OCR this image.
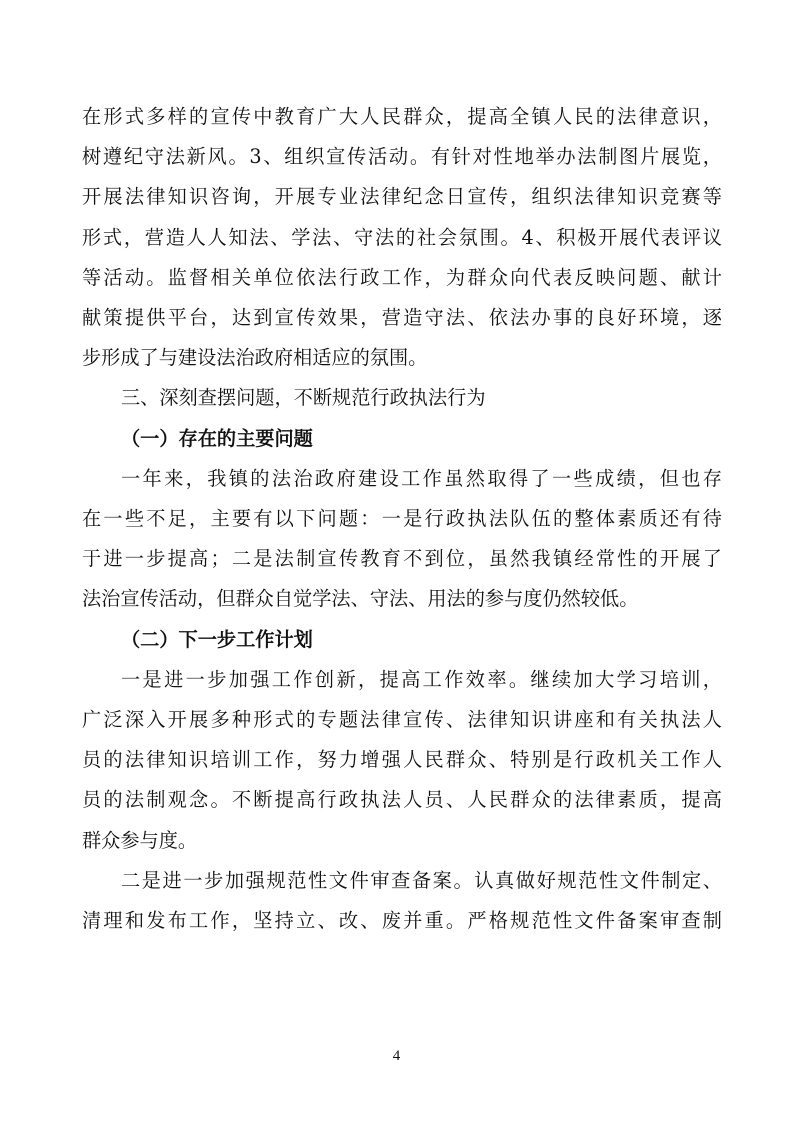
在形式多样的宣传中教育广大人民群众，提高全镇人民的法律意识，
树遵纪守法新风。3、组织宣传活动。有针对性地举办法制图片展览，
开展法律知识咨询，开展专业法律纪念日宣传，组织法律知识竞赛等
形式，营造人人知法、学法、守法的社会氛围。4、积极开展代表评议
等活动。监督相关单位依法行政工作，为群众向代表反映问题、献计
献策提供平台，达到宣传效果，营造守法、依法办事的良好环境，逐
步形成了与建设法治政府相适应的氛围。
三、深刻查摆问题，不断规范行政执法行为
（一）存在的主要问题
一年来，我镇的法治政府建设工作虽然取得了一些成绩，但也存
在一些不足，主要有以下问题：一是行政执法队伍的整体素质还有待
于进一步提高；二是法制宣传教育不到位，虽然我镇经常性的开展了
法治宣传活动，但群众自觉学法、守法、用法的参与度仍然较低。
（二）下一步工作计划
一是进一步加强工作创新，提高工作效率。继续加大学习培训，
广泛深入开展多种形式的专题法律宣传、法律知识讲座和有关执法人
员的法律知识培训工作，努力增强人民群众、特别是行政机关工作人
员的法制观念。不断提高行政执法人员、人民群众的法律素质，提高
群众参与度。
二是进一步加强规范性文件审查备案。认真做好规范性文件制定、
清理和发布工作，坚持立、改、废并重。严格规范性文件备案审查制
4
